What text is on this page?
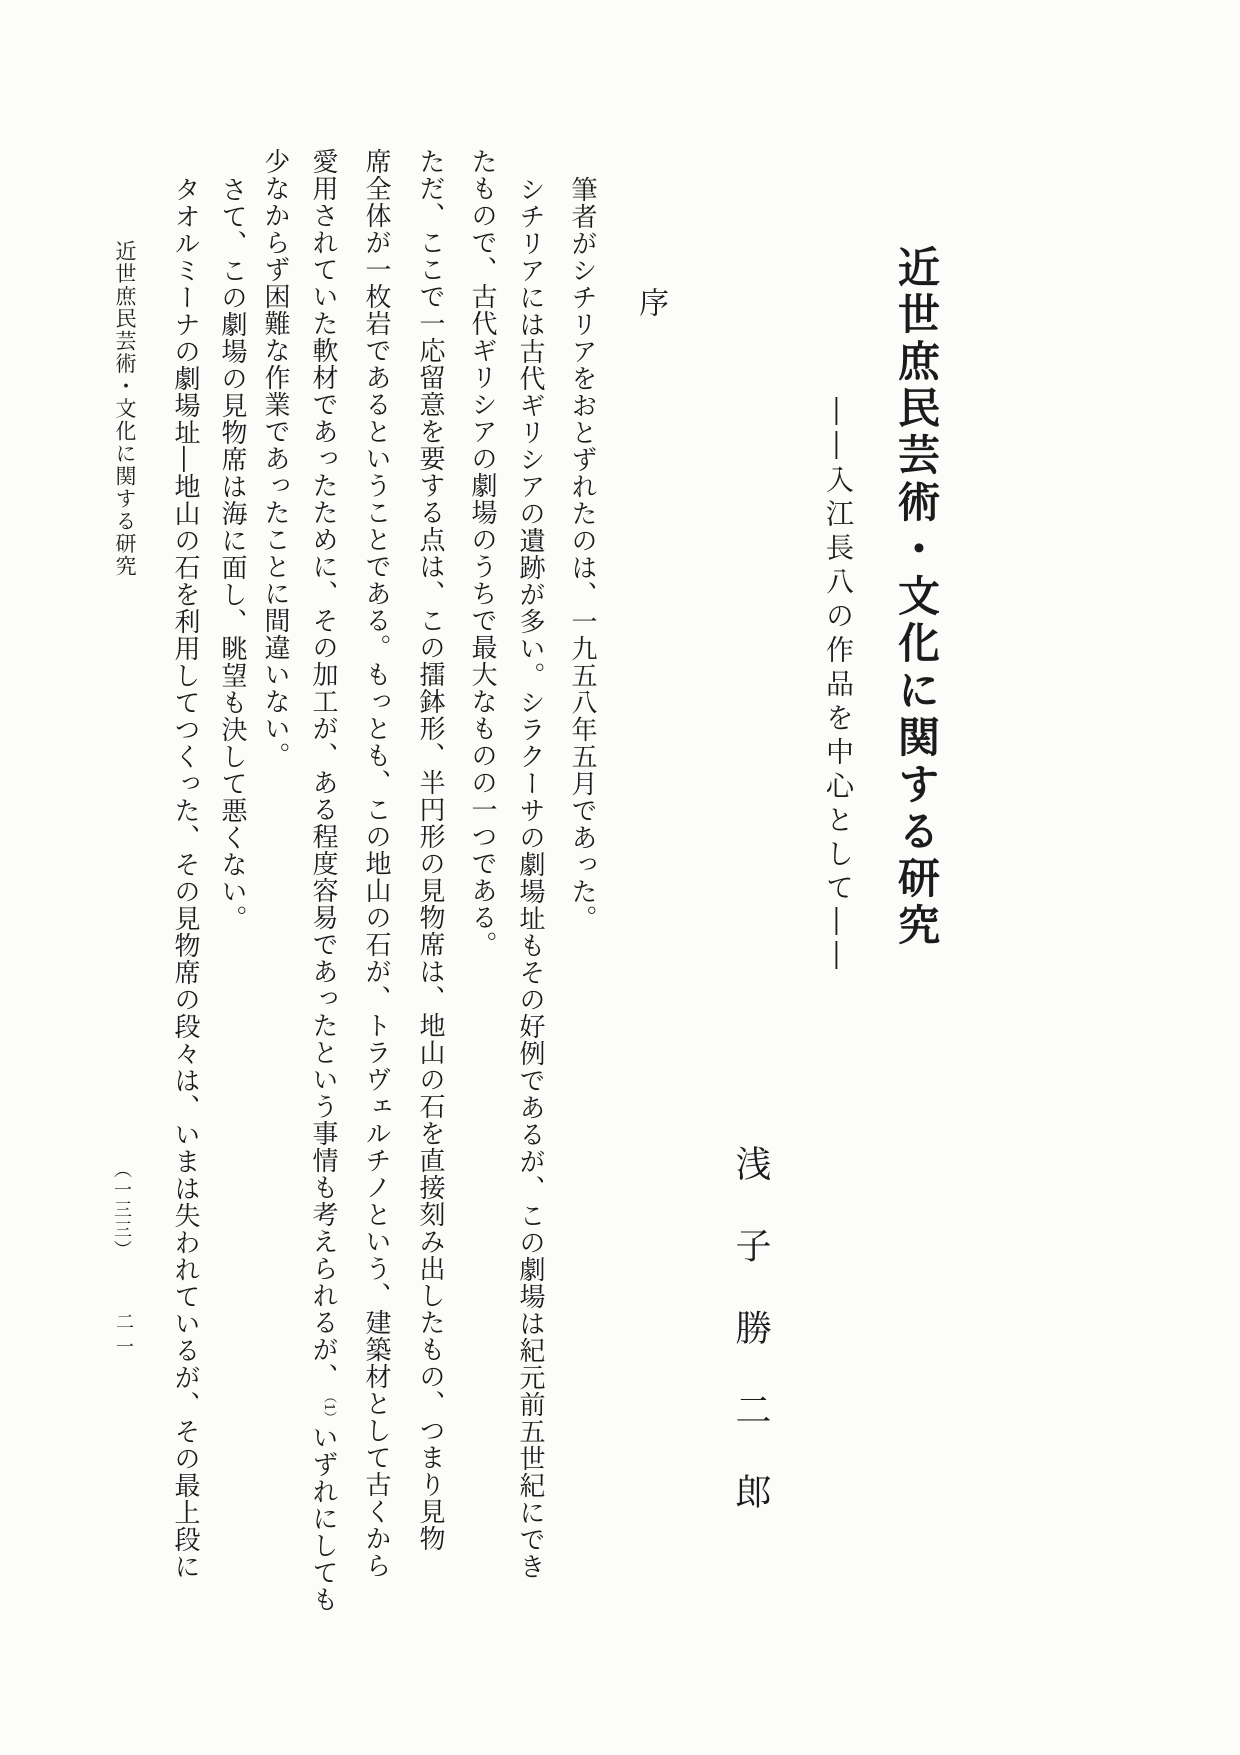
近世庶民芸術・文化に関する研究
――入江長八の作品を中心として――
浅子勝二郎
序
筆者がシチリアをおとずれたのは、一九五八年五月であった。
シチリアには古代ギリシアの遺跡が多い。シラクーサの劇場址もその好例であるが、この劇場は紀元前五世紀にでき
たもので、古代ギリシアの劇場のうちで最大なものの一つである。
ただ、ここで一応留意を要する点は、この擂鉢形、半円形の見物席は、地山の石を直接刻み出したもの、つまり見物
席全体が一枚岩であるということである。もっとも、この地山の石が、トラヴェルチノという、建築材として古くから
愛用されていた軟材であったために、その加工が、ある程度容易であったという事情も考えられるが、（1）いずれにしても
少なからず困難な作業であったことに間違いない。
さて、この劇場の見物席は海に面し、眺望も決して悪くない。
タオルミーナの劇場址―地山の石を利用してつくった、その見物席の段々は、いまは失われているが、その最上段に
近世庶民芸術・文化に関する研究
（一三三）
二一
